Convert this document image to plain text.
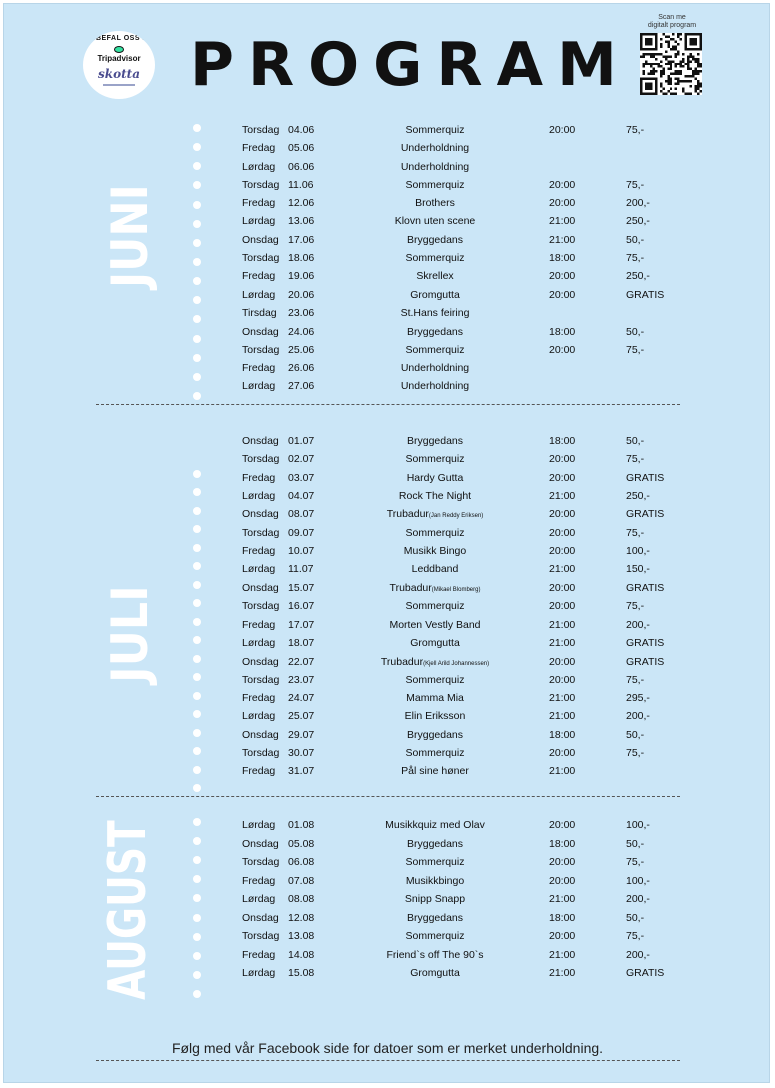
ANBEFAL OSS PÅ
Tripadvisor
skotta PROGRAM
Scan me
digitalt program
JUNI
JULI
AUGUST
Torsdag 04.06	Sommerquiz	20:00	75,-
Fredag 05.06	Underholdning
Lørdag 06.06	Underholdning
Torsdag 11.06	Sommerquiz	20:00	75,-
Fredag 12.06	Brothers	20:00	200,-
Lørdag 13.06	Klovn uten scene	21:00	250,-
Onsdag 17.06	Bryggedans	21:00	50,-
Torsdag 18.06	Sommerquiz	18:00	75,-
Fredag 19.06	Skrellex	20:00	250,-
Lørdag 20.06	Gromgutta	20:00	GRATIS
Tirsdag 23.06	St.Hans feiring
Onsdag 24.06	Bryggedans	18:00	50,-
Torsdag 25.06	Sommerquiz	20:00	75,-
Fredag 26.06	Underholdning
Lørdag 27.06	Underholdning
Onsdag 01.07	Bryggedans	18:00	50,-
Torsdag 02.07	Sommerquiz	20:00	75,-
Fredag 03.07	Hardy Gutta	20:00	GRATIS
Lørdag 04.07	Rock The Night	21:00	250,-
Onsdag 08.07	Trubadur(Jan Reddy Eriksen)	20:00	GRATIS
Torsdag 09.07	Sommerquiz	20:00	75,-
Fredag 10.07	Musikk Bingo	20:00	100,-
Lørdag 11.07	Leddband	21:00	150,-
Onsdag 15.07	Trubadur(Mikael Blomberg)	20:00	GRATIS
Torsdag 16.07	Sommerquiz	20:00	75,-
Fredag 17.07	Morten Vestly Band	21:00	200,-
Lørdag 18.07	Gromgutta	21:00	GRATIS
Onsdag 22.07	Trubadur(Kjell Arild Johannessen)	20:00	GRATIS
Torsdag 23.07	Sommerquiz	20:00	75,-
Fredag 24.07	Mamma Mia	21:00	295,-
Lørdag 25.07	Elin Eriksson	21:00	200,-
Onsdag 29.07	Bryggedans	18:00	50,-
Torsdag 30.07	Sommerquiz	20:00	75,-
Fredag 31.07	Pål sine høner	21:00
Lørdag 01.08	Musikkquiz med Olav	20:00	100,-
Onsdag 05.08	Bryggedans	18:00	50,-
Torsdag 06.08	Sommerquiz	20:00	75,-
Fredag 07.08	Musikkbingo	20:00	100,-
Lørdag 08.08	Snipp Snapp	21:00	200,-
Onsdag 12.08	Bryggedans	18:00	50,-
Torsdag 13.08	Sommerquiz	20:00	75,-
Fredag 14.08	Friend`s off The 90`s	21:00	200,-
Lørdag 15.08	Gromgutta	21:00	GRATIS
Følg med vår Facebook side for datoer som er merket underholdning.
